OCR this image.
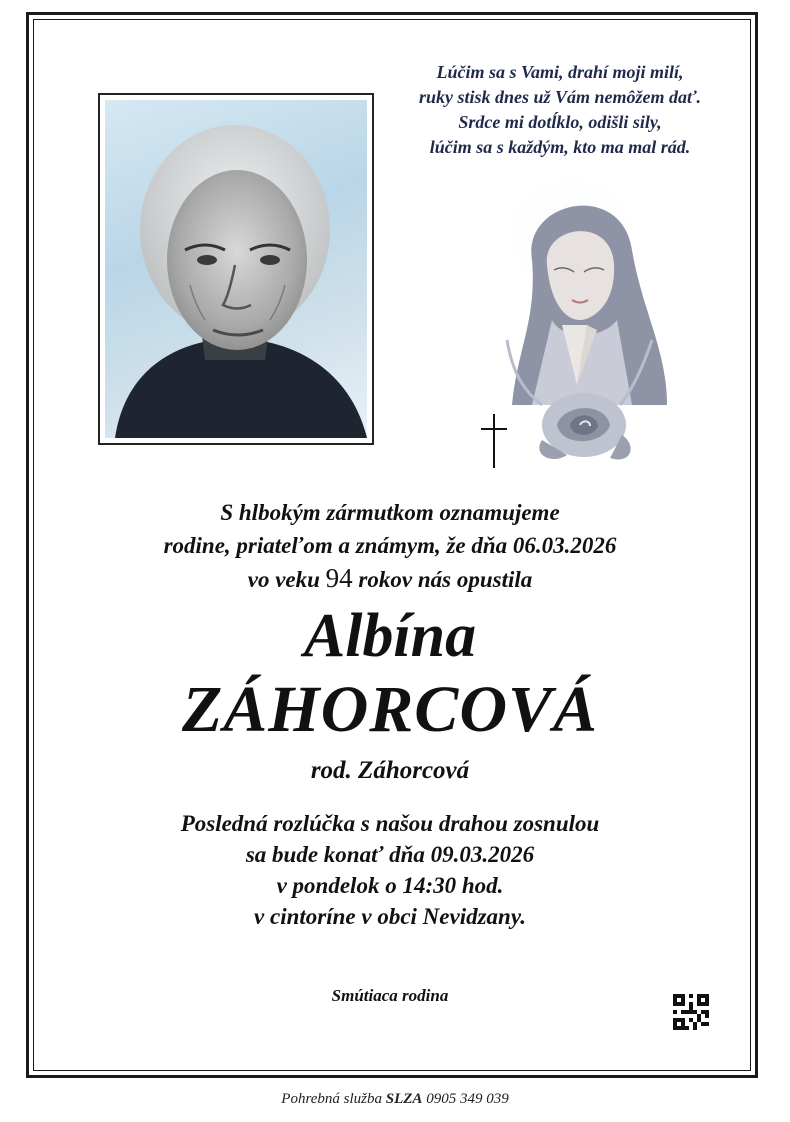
Lúčim sa s Vami, drahí moji milí,
ruky stisk dnes už Vám nemôžem dať.
Srdce mi dotĺklo, odišli sily,
lúčim sa s každým, kto ma mal rád.
S hlbokým zármutkom oznamujeme
rodine, priateľom a známym, že dňa 06.03.2026
vo veku 94 rokov nás opustila
Albína
ZÁHORCOVÁ
rod. Záhorcová
Posledná rozlúčka s našou drahou zosnulou
sa bude konať dňa 09.03.2026
v pondelok o 14:30 hod.
v cintoríne v obci Nevidzany.
Smútiaca rodina
Pohrebná služba SLZA 0905 349 039
